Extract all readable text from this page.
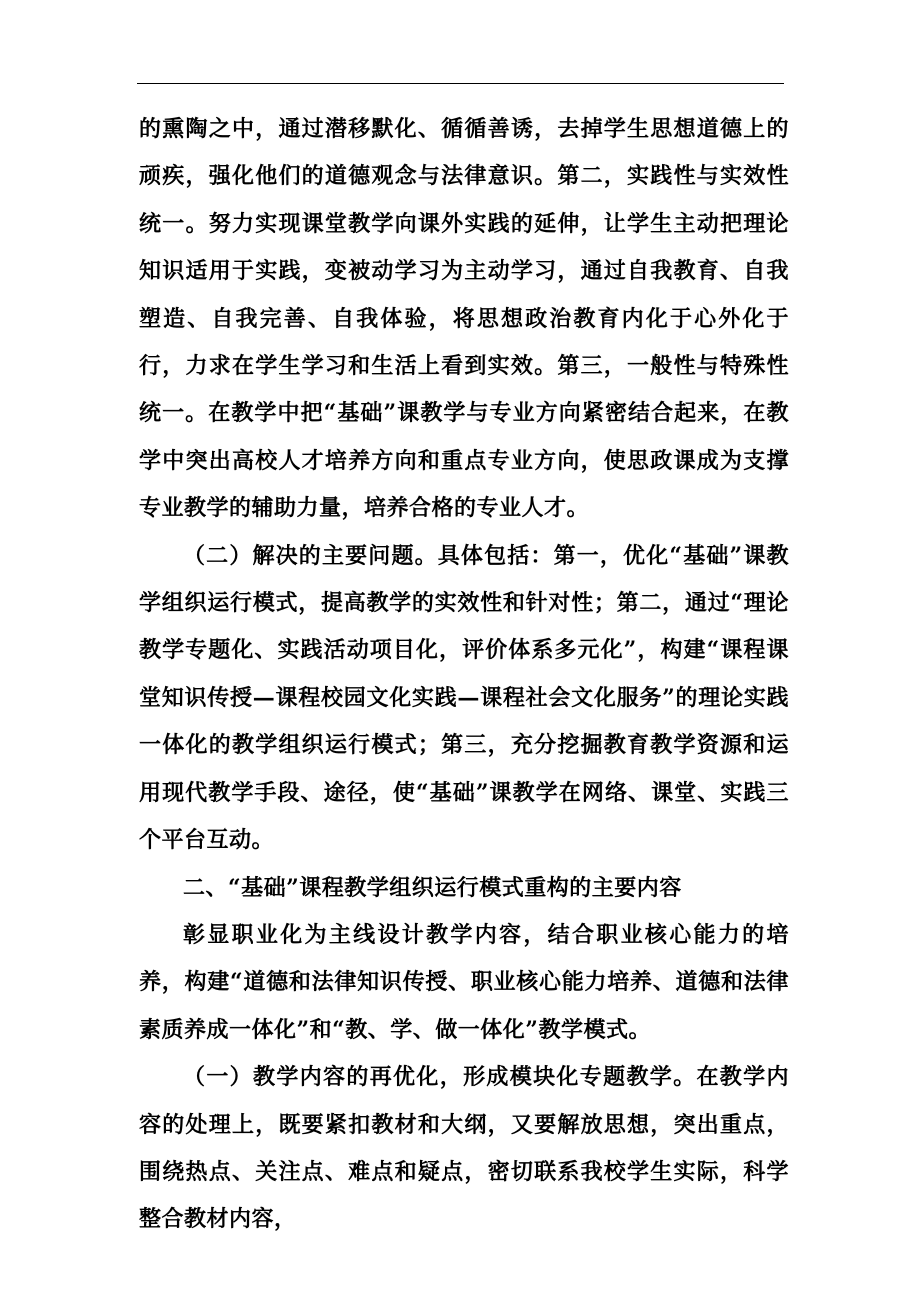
的熏陶之中，通过潜移默化、循循善诱，去掉学生思想道德上的顽疾，强化他们的道德观念与法律意识。第二，实践性与实效性统一。努力实现课堂教学向课外实践的延伸，让学生主动把理论知识适用于实践，变被动学习为主动学习，通过自我教育、自我塑造、自我完善、自我体验，将思想政治教育内化于心外化于行，力求在学生学习和生活上看到实效。第三，一般性与特殊性统一。在教学中把“基础”课教学与专业方向紧密结合起来，在教学中突出高校人才培养方向和重点专业方向，使思政课成为支撑专业教学的辅助力量，培养合格的专业人才。

（二）解决的主要问题。具体包括：第一，优化“基础”课教学组织运行模式，提高教学的实效性和针对性；第二，通过“理论教学专题化、实践活动项目化，评价体系多元化”，构建“课程课堂知识传授—课程校园文化实践—课程社会文化服务”的理论实践一体化的教学组织运行模式；第三，充分挖掘教育教学资源和运用现代教学手段、途径，使“基础”课教学在网络、课堂、实践三个平台互动。

二、“基础”课程教学组织运行模式重构的主要内容

彰显职业化为主线设计教学内容，结合职业核心能力的培养，构建“道德和法律知识传授、职业核心能力培养、道德和法律素质养成一体化”和“教、学、做一体化”教学模式。

（一）教学内容的再优化，形成模块化专题教学。在教学内容的处理上，既要紧扣教材和大纲，又要解放思想，突出重点，围绕热点、关注点、难点和疑点，密切联系我校学生实际，科学整合教材内容，
